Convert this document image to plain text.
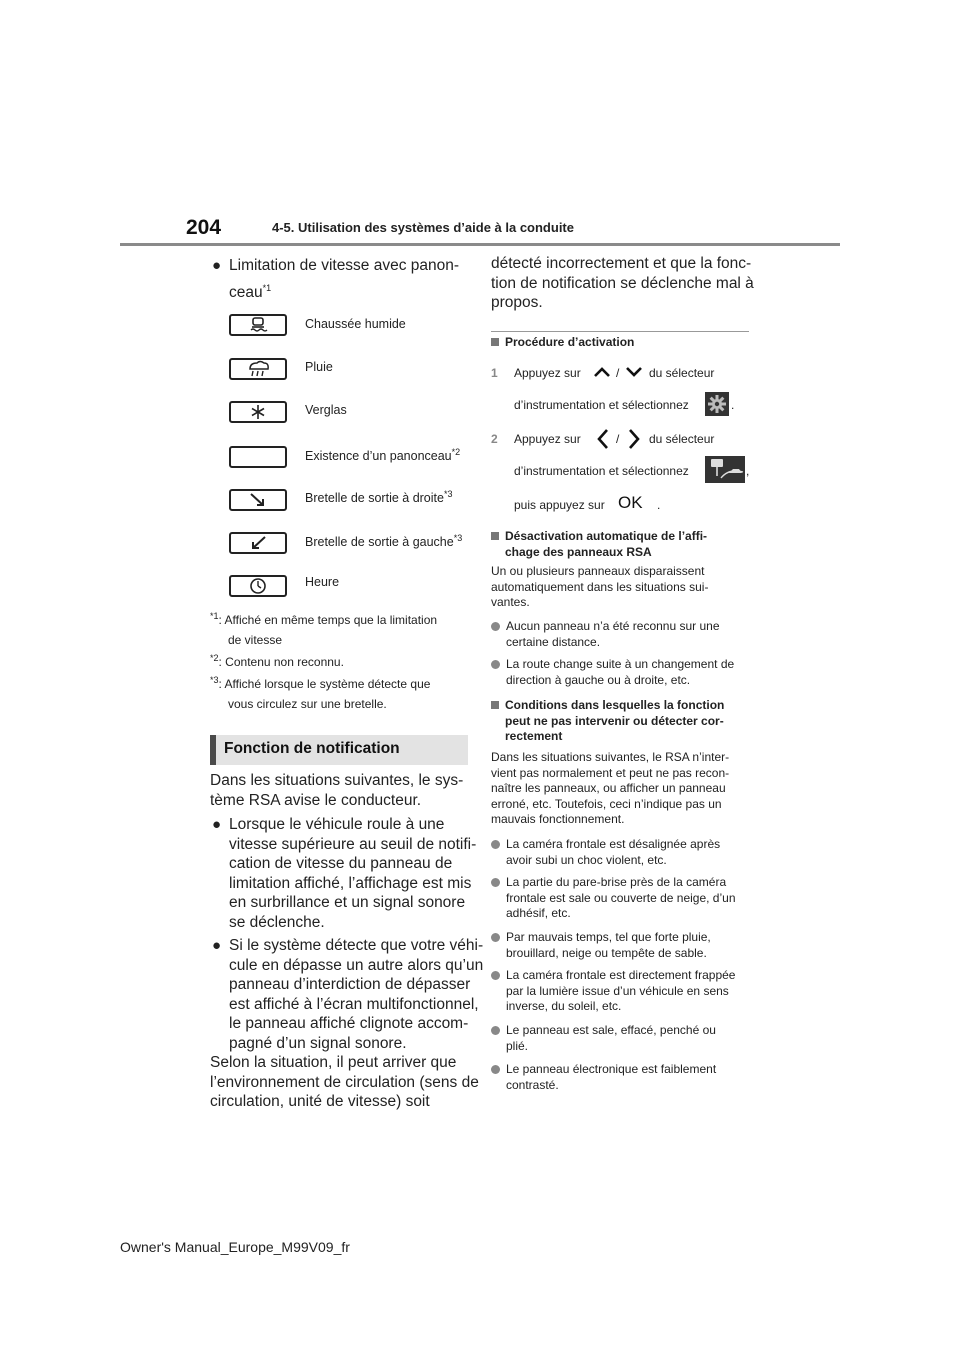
204	4-5. Utilisation des systèmes d’aide à la conduite
● Limitation de vitesse avec panon-
ceau$^{*1}$
Chaussée humide
Pluie
Verglas
Existence d’un panonceau$^{*2}$
Bretelle de sortie à droite$^{*3}$
Bretelle de sortie à gauche$^{*3}$
Heure
$^{*1}$: Affiché en même temps que la limitation
de vitesse
$^{*2}$: Contenu non reconnu.
$^{*3}$: Affiché lorsque le système détecte que
vous circulez sur une bretelle.
Fonction de notification
Dans les situations suivantes, le sys-
tème RSA avise le conducteur.
● Lorsque le véhicule roule à une
vitesse supérieure au seuil de notifi-
cation de vitesse du panneau de
limitation affiché, l’affichage est mis
en surbrillance et un signal sonore
se déclenche.
● Si le système détecte que votre véhi-
cule en dépasse un autre alors qu’un
panneau d’interdiction de dépasser
est affiché à l’écran multifonctionnel,
le panneau affiché clignote accom-
pagné d’un signal sonore.
Selon la situation, il peut arriver que
l’environnement de circulation (sens de
circulation, unité de vitesse) soit
détecté incorrectement et que la fonc-
tion de notification se déclenche mal à
propos.
Procédure d’activation
1 Appuyez sur	/ du sélecteur
d’instrumentation et sélectionnez	.
2 Appuyez sur	/ du sélecteur
d’instrumentation et sélectionnez	,
puis appuyez sur OK .
Désactivation automatique de l’affi-
chage des panneaux RSA
Un ou plusieurs panneaux disparaissent
automatiquement dans les situations sui-
vantes.
Aucun panneau n’a été reconnu sur une
certaine distance.
La route change suite à un changement de
direction à gauche ou à droite, etc.
Conditions dans lesquelles la fonction
peut ne pas intervenir ou détecter cor-
rectement
Dans les situations suivantes, le RSA n’inter-
vient pas normalement et peut ne pas recon-
naître les panneaux, ou afficher un panneau
erroné, etc. Toutefois, ceci n’indique pas un
mauvais fonctionnement.
La caméra frontale est désalignée après
avoir subi un choc violent, etc.
La partie du pare-brise près de la caméra
frontale est sale ou couverte de neige, d’un
adhésif, etc.
Par mauvais temps, tel que forte pluie,
brouillard, neige ou tempête de sable.
La caméra frontale est directement frappée
par la lumière issue d’un véhicule en sens
inverse, du soleil, etc.
Le panneau est sale, effacé, penché ou
plié.
Le panneau électronique est faiblement
contrasté.
Owner's Manual_Europe_M99V09_fr
